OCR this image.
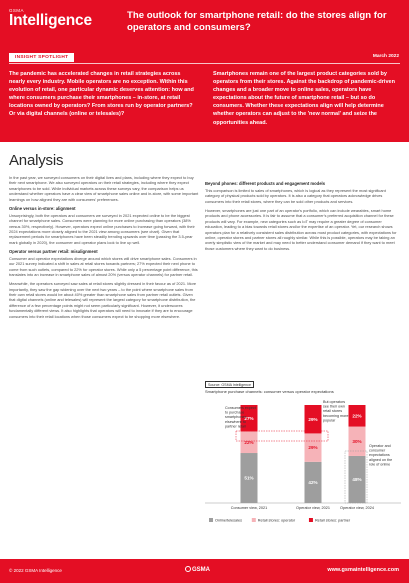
GSMA
Intelligence	The outlook for smartphone retail: do the stores align for operators and consumers?
INSIGHT SPOTLIGHT	March 2022

The pandemic has accelerated changes in retail strategies across nearly every industry. Mobile operators are no exception. Within this evolution of retail, one particular dynamic deserves attention: how and where consumers purchase their smartphones – in-store, at retail locations owned by operators? From stores run by operator partners? Or via digital channels (online or telesales)?

Smartphones remain one of the largest product categories sold by operators from their stores. Against the backdrop of pandemic-driven changes and a broader move to online sales, operators have expectations about the future of smartphone retail – but so do consumers. Whether these expectations align will help determine whether operators can adjust to the 'new normal' and seize the opportunities ahead.

Analysis

In the past year, we surveyed consumers on their digital lives and plans, including where they expect to buy their next smartphone. We also surveyed operators on their retail strategies, including where they expect smartphones to be sold. While individual markets across these surveys vary, the comparison helps us understand whether operators have a clear view of smartphone sales online and in-store, with some important learnings on how aligned they are with consumers' preferences.

Online versus in-store: alignment

Unsurprisingly, both the operators and consumers we surveyed in 2021 expected online to be the biggest channel for smartphone sales. Consumers were planning for more online purchasing than operators (38% versus 30%, respectively). However, operators expect online purchases to increase going forward, with their 2024 expectations more closely aligned to the 2021 view among consumers (see chart). Given that replacement periods for smartphones have been steadily trending upwards over time (passing the 3.5-year mark globally in 2020), the consumer and operator plans look to line up well.

Operator versus partner retail: misalignment

Consumer and operator expectations diverge around which stores will drive smartphone sales. Consumers in our 2021 survey indicated a shift in sales at retail stores towards partners; 27% expected their next phone to come from such outlets, compared to 22% for operator stores. While only a 5 percentage point difference, this translates into an increase in smartphone sales of almost 20% (versus operator channels) for partner retail.

Meanwhile, the operators surveyed saw sales at retail stores slightly dressed in their favour as of 2021. More importantly, they saw the gap widening over the next two years – to the point where smartphone sales from their own retail stores would be about 40% greater than smartphone sales from partner retail outlets. Given that digital channels (online and telesales) will represent the largest category for smartphone distribution, the difference of a few percentage points might not seem particularly significant. However, it underscores fundamentally different views. It also highlights that operators will need to innovate if they are to encourage consumers into their retail locations when those consumers expect to be shopping more elsewhere.

Beyond phones: different products and engagement models

This comparison is limited to sales of smartphones, which is logical as they represent the most significant category of physical products sold by operators. It is also a category that operators acknowledge drives consumers into their retail stores, where they can be sold other products and services.

However, smartphones are just one part of an operator's portfolio, which can include wearables, smart home products and phone accessories. It is fair to assume that a consumer's preferred acquisition channel for these products will vary. For example, new categories such as IoT may require a greater degree of consumer education, leading to a bias towards retail stores and/or the expertise of an operator. Yet, our research shows operators plan for a relatively consistent sales distribution across most product categories, with expectations for online, operator stores and partner stores all roughly similar. While this is possible, operators may be taking an overly simplistic view of the market and may need to better understand consumer demand if they want to meet those customers where they want to do business.

Source: GSMA Intelligence
Smartphone purchase channels: consumer versus operator expectations
51%
22%
27%
Consumer view, 2021
42%
29%
29%
Operator view, 2021
48%
30%
22%
Operator view, 2024
Consumers expect to purchase smartphones elsewhere to partner retail
But operators see their own retail stores becoming more popular
Operator and consumer expectations aligned on the role of online
Online/telesales	Retail stores: operator	Retail stores: partner
© 2022 GSMA Intelligence	GSMA	www.gsmaintelligence.com
